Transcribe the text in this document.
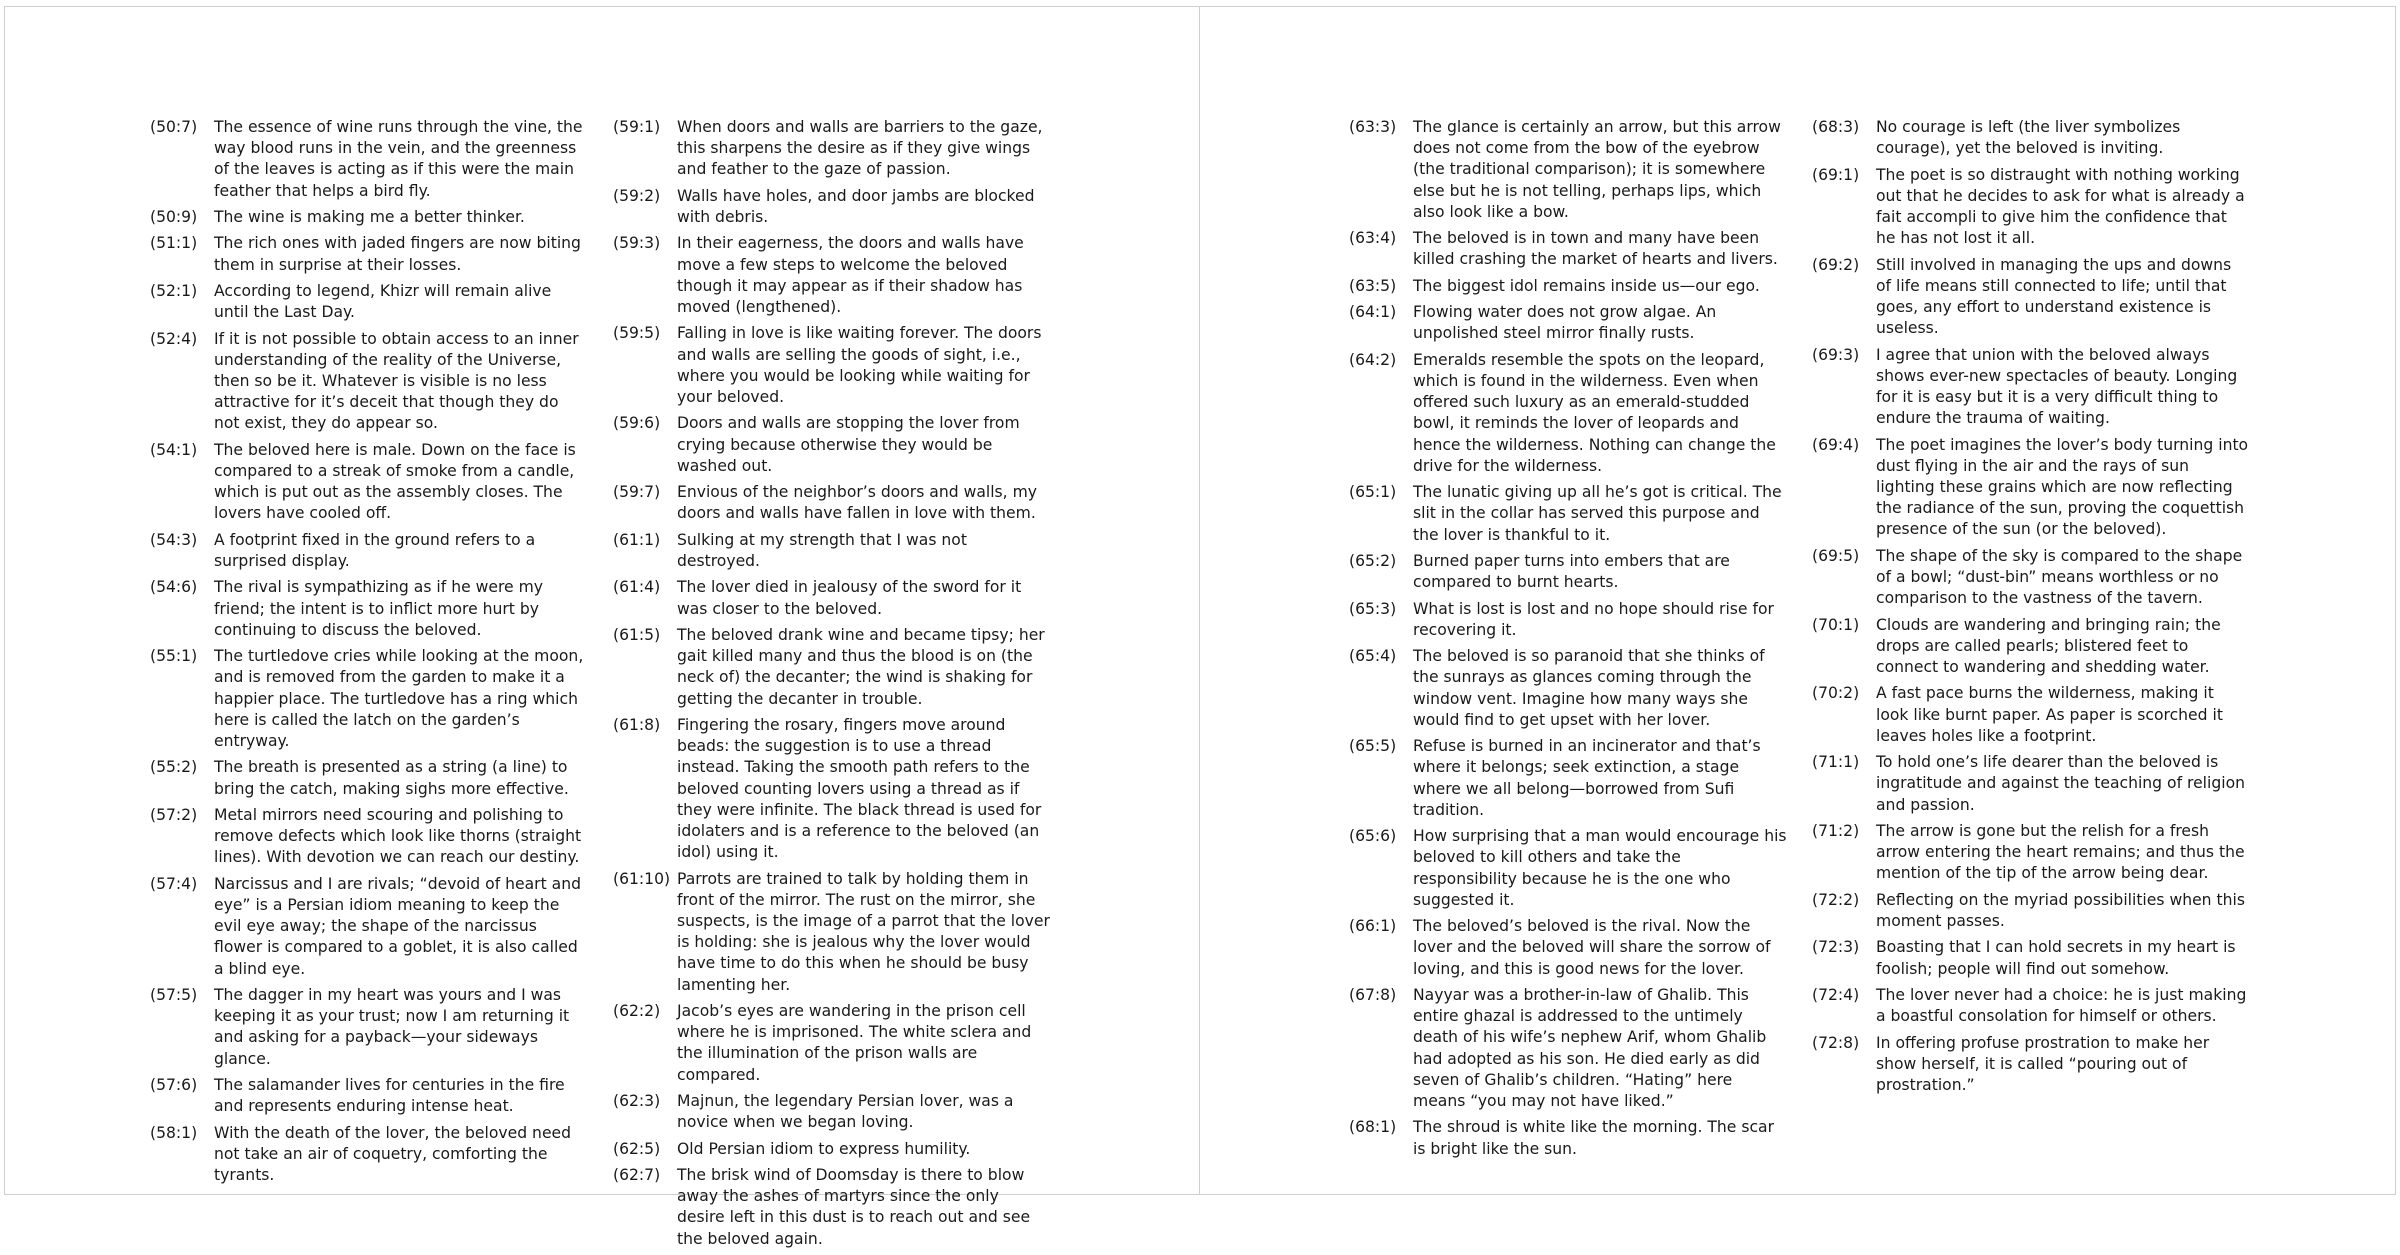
(50:7)	The essence of wine runs through the vine, the way blood runs in the vein, and the greenness of the leaves is acting as if this were the main feather that helps a bird fly.
(50:9)	The wine is making me a better thinker.
(51:1)	The rich ones with jaded fingers are now biting them in surprise at their losses.
(52:1)	According to legend, Khizr will remain alive until the Last Day.
(52:4)	If it is not possible to obtain access to an inner understanding of the reality of the Universe, then so be it. Whatever is visible is no less attractive for it’s deceit that though they do not exist, they do appear so.
(54:1)	The beloved here is male. Down on the face is compared to a streak of smoke from a candle, which is put out as the assembly closes. The lovers have cooled off.
(54:3)	A footprint fixed in the ground refers to a surprised display.
(54:6)	The rival is sympathizing as if he were my friend; the intent is to inflict more hurt by continuing to discuss the beloved.
(55:1)	The turtledove cries while looking at the moon, and is removed from the garden to make it a happier place. The turtledove has a ring which here is called the latch on the garden’s entryway.
(55:2)	The breath is presented as a string (a line) to bring the catch, making sighs more effective.
(57:2)	Metal mirrors need scouring and polishing to remove defects which look like thorns (straight lines). With devotion we can reach our destiny.
(57:4)	Narcissus and I are rivals; “devoid of heart and eye” is a Persian idiom meaning to keep the evil eye away; the shape of the narcissus flower is compared to a goblet, it is also called a blind eye.
(57:5)	The dagger in my heart was yours and I was keeping it as your trust; now I am returning it and asking for a payback—your sideways glance.
(57:6)	The salamander lives for centuries in the fire and represents enduring intense heat.
(58:1)	With the death of the lover, the beloved need not take an air of coquetry, comforting the tyrants.
(59:1)	When doors and walls are barriers to the gaze, this sharpens the desire as if they give wings and feather to the gaze of passion.
(59:2)	Walls have holes, and door jambs are blocked with debris.
(59:3)	In their eagerness, the doors and walls have move a few steps to welcome the beloved though it may appear as if their shadow has moved (lengthened).
(59:5)	Falling in love is like waiting forever. The doors and walls are selling the goods of sight, i.e., where you would be looking while waiting for your beloved.
(59:6)	Doors and walls are stopping the lover from crying because otherwise they would be washed out.
(59:7)	Envious of the neighbor’s doors and walls, my doors and walls have fallen in love with them.
(61:1)	Sulking at my strength that I was not destroyed.
(61:4)	The lover died in jealousy of the sword for it was closer to the beloved.
(61:5)	The beloved drank wine and became tipsy; her gait killed many and thus the blood is on (the neck of) the decanter; the wind is shaking for getting the decanter in trouble.
(61:8)	Fingering the rosary, fingers move around beads: the suggestion is to use a thread instead. Taking the smooth path refers to the beloved counting lovers using a thread as if they were infinite. The black thread is used for idolaters and is a reference to the beloved (an idol) using it.
(61:10) Parrots are trained to talk by holding them in front of the mirror. The rust on the mirror, she suspects, is the image of a parrot that the lover is holding: she is jealous why the lover would have time to do this when he should be busy lamenting her.
(62:2)	Jacob’s eyes are wandering in the prison cell where he is imprisoned. The white sclera and the illumination of the prison walls are compared.
(62:3)	Majnun, the legendary Persian lover, was a novice when we began loving.
(62:5)	Old Persian idiom to express humility.
(62:7)	The brisk wind of Doomsday is there to blow away the ashes of martyrs since the only desire left in this dust is to reach out and see the beloved again.
(63:3)	The glance is certainly an arrow, but this arrow does not come from the bow of the eyebrow (the traditional comparison); it is somewhere else but he is not telling, perhaps lips, which also look like a bow.
(63:4)	The beloved is in town and many have been killed crashing the market of hearts and livers.
(63:5)	The biggest idol remains inside us—our ego.
(64:1)	Flowing water does not grow algae. An unpolished steel mirror finally rusts.
(64:2)	Emeralds resemble the spots on the leopard, which is found in the wilderness. Even when offered such luxury as an emerald-studded bowl, it reminds the lover of leopards and hence the wilderness. Nothing can change the drive for the wilderness.
(65:1)	The lunatic giving up all he’s got is critical. The slit in the collar has served this purpose and the lover is thankful to it.
(65:2)	Burned paper turns into embers that are compared to burnt hearts.
(65:3)	What is lost is lost and no hope should rise for recovering it.
(65:4)	The beloved is so paranoid that she thinks of the sunrays as glances coming through the window vent. Imagine how many ways she would find to get upset with her lover.
(65:5)	Refuse is burned in an incinerator and that’s where it belongs; seek extinction, a stage where we all belong—borrowed from Sufi tradition.
(65:6)	How surprising that a man would encourage his beloved to kill others and take the responsibility because he is the one who suggested it.
(66:1)	The beloved’s beloved is the rival. Now the lover and the beloved will share the sorrow of loving, and this is good news for the lover.
(67:8)	Nayyar was a brother-in-law of Ghalib. This entire ghazal is addressed to the untimely death of his wife’s nephew Arif, whom Ghalib had adopted as his son. He died early as did seven of Ghalib’s children. “Hating” here means “you may not have liked.”
(68:1)	The shroud is white like the morning. The scar is bright like the sun.
(68:3)	No courage is left (the liver symbolizes courage), yet the beloved is inviting.
(69:1)	The poet is so distraught with nothing working out that he decides to ask for what is already a fait accompli to give him the confidence that he has not lost it all.
(69:2)	Still involved in managing the ups and downs of life means still connected to life; until that goes, any effort to understand existence is useless.
(69:3)	I agree that union with the beloved always shows ever-new spectacles of beauty. Longing for it is easy but it is a very difficult thing to endure the trauma of waiting.
(69:4)	The poet imagines the lover’s body turning into dust flying in the air and the rays of sun lighting these grains which are now reflecting the radiance of the sun, proving the coquettish presence of the sun (or the beloved).
(69:5)	The shape of the sky is compared to the shape of a bowl; “dust-bin” means worthless or no comparison to the vastness of the tavern.
(70:1)	Clouds are wandering and bringing rain; the drops are called pearls; blistered feet to connect to wandering and shedding water.
(70:2)	A fast pace burns the wilderness, making it look like burnt paper. As paper is scorched it leaves holes like a footprint.
(71:1)	To hold one’s life dearer than the beloved is ingratitude and against the teaching of religion and passion.
(71:2)	The arrow is gone but the relish for a fresh arrow entering the heart remains; and thus the mention of the tip of the arrow being dear.
(72:2)	Reflecting on the myriad possibilities when this moment passes.
(72:3)	Boasting that I can hold secrets in my heart is foolish; people will find out somehow.
(72:4)	The lover never had a choice: he is just making a boastful consolation for himself or others.
(72:8)	In offering profuse prostration to make her show herself, it is called “pouring out of prostration.”
